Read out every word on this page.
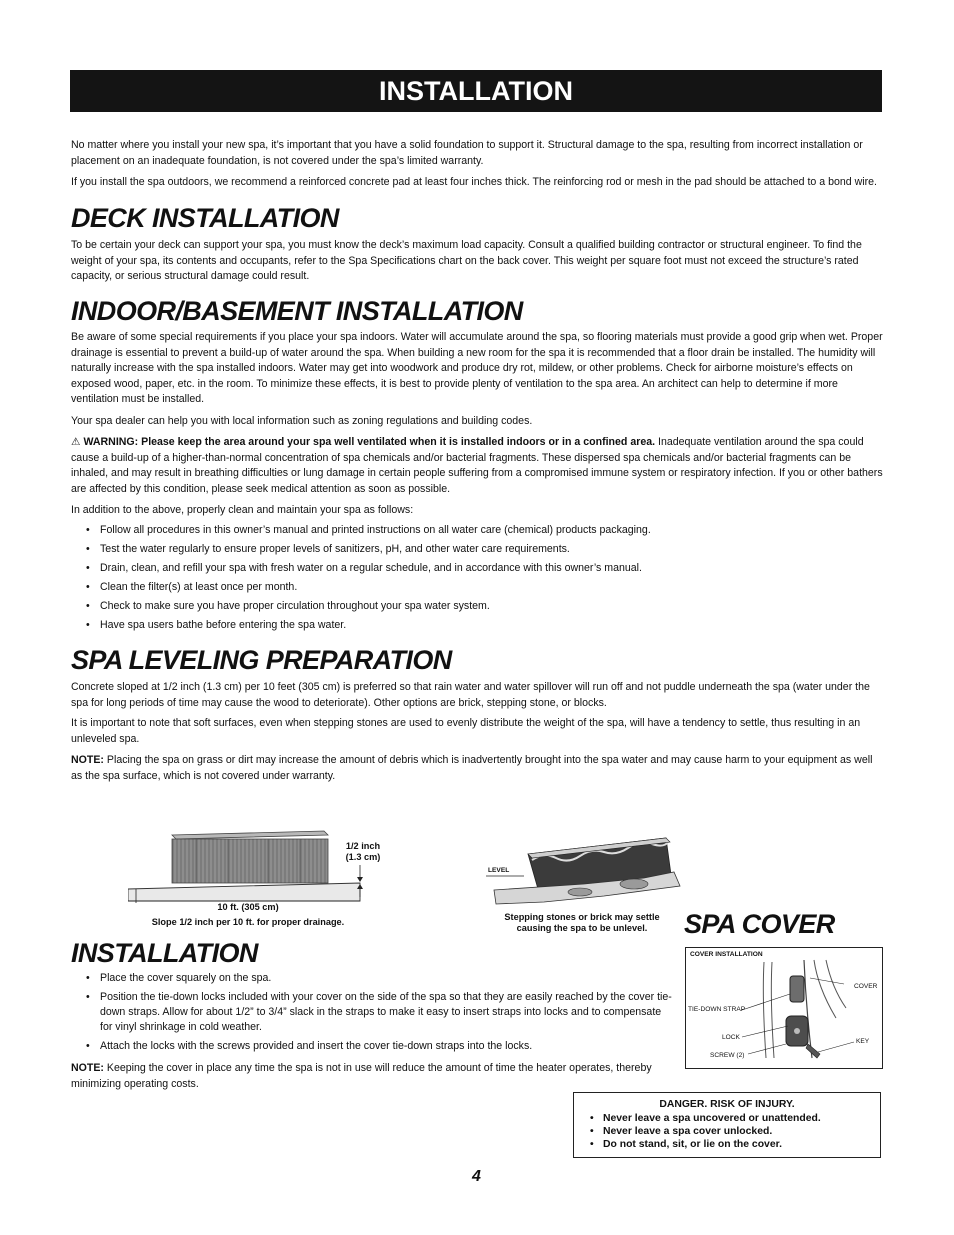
INSTALLATION

No matter where you install your new spa, it’s important that you have a solid foundation to support it. Structural damage to the spa, resulting from incorrect installation or placement on an inadequate foundation, is not covered under the spa’s limited warranty.

If you install the spa outdoors, we recommend a reinforced concrete pad at least four inches thick. The reinforcing rod or mesh in the pad should be attached to a bond wire.

DECK INSTALLATION

To be certain your deck can support your spa, you must know the deck’s maximum load capacity. Consult a qualified building contractor or structural engineer. To find the weight of your spa, its contents and occupants, refer to the Spa Specifications chart on the back cover. This weight per square foot must not exceed the structure’s rated capacity, or serious structural damage could result.

INDOOR/BASEMENT INSTALLATION

Be aware of some special requirements if you place your spa indoors. Water will accumulate around the spa, so flooring materials must provide a good grip when wet. Proper drainage is essential to prevent a build-up of water around the spa. When building a new room for the spa it is recommended that a floor drain be installed. The humidity will naturally increase with the spa installed indoors. Water may get into woodwork and produce dry rot, mildew, or other problems. Check for airborne moisture’s effects on exposed wood, paper, etc. in the room. To minimize these effects, it is best to provide plenty of ventilation to the spa area. An architect can help to determine if more ventilation must be installed.

Your spa dealer can help you with local information such as zoning regulations and building codes.

⚠ WARNING: Please keep the area around your spa well ventilated when it is installed indoors or in a confined area. Inadequate ventilation around the spa could cause a build-up of a higher-than-normal concentration of spa chemicals and/or bacterial fragments. These dispersed spa chemicals and/or bacterial fragments can be inhaled, and may result in breathing difficulties or lung damage in certain people suffering from a compromised immune system or respiratory infection. If you or other bathers are affected by this condition, please seek medical attention as soon as possible.

In addition to the above, properly clean and maintain your spa as follows:

• Follow all procedures in this owner’s manual and printed instructions on all water care (chemical) products packaging.
• Test the water regularly to ensure proper levels of sanitizers, pH, and other water care requirements.
• Drain, clean, and refill your spa with fresh water on a regular schedule, and in accordance with this owner’s manual.
• Clean the filter(s) at least once per month.
• Check to make sure you have proper circulation throughout your spa water system.
• Have spa users bathe before entering the spa water.
SPA LEVELING PREPARATION

Concrete sloped at 1/2 inch (1.3 cm) per 10 feet (305 cm) is preferred so that rain water and water spillover will run off and not puddle underneath the spa (water under the spa for long periods of time may cause the wood to deteriorate). Other options are brick, stepping stone, or blocks.

It is important to note that soft surfaces, even when stepping stones are used to evenly distribute the weight of the spa, will have a tendency to settle, thus resulting in an unleveled spa.

NOTE: Placing the spa on grass or dirt may increase the amount of debris which is inadvertently brought into the spa water and may cause harm to your equipment as well as the spa surface, which is not covered under warranty.

1/2 inch
(1.3 cm)
10 ft. (305 cm)
Slope 1/2 inch per 10 ft. for proper drainage.
LEVEL
Stepping stones or brick may settle
causing the spa to be unlevel.	SPA COVER
COVER INSTALLATION
COVER
TIE-DOWN STRAP
LOCK
KEY
SCREW (2)
INSTALLATION
• Place the cover squarely on the spa.
• Position the tie-down locks included with your cover on the side of the spa so that they are easily reached by the cover tie-down straps. Allow for about 1/2” to 3/4” slack in the straps to make it easy to insert straps into locks and to compensate for vinyl shrinkage in cold weather.
• Attach the locks with the screws provided and insert the cover tie-down straps into the locks.

NOTE: Keeping the cover in place any time the spa is not in use will reduce the amount of time the heater operates, thereby minimizing operating costs.

DANGER. RISK OF INJURY.
• Never leave a spa uncovered or unattended.
• Never leave a spa cover unlocked.
• Do not stand, sit, or lie on the cover.
4
